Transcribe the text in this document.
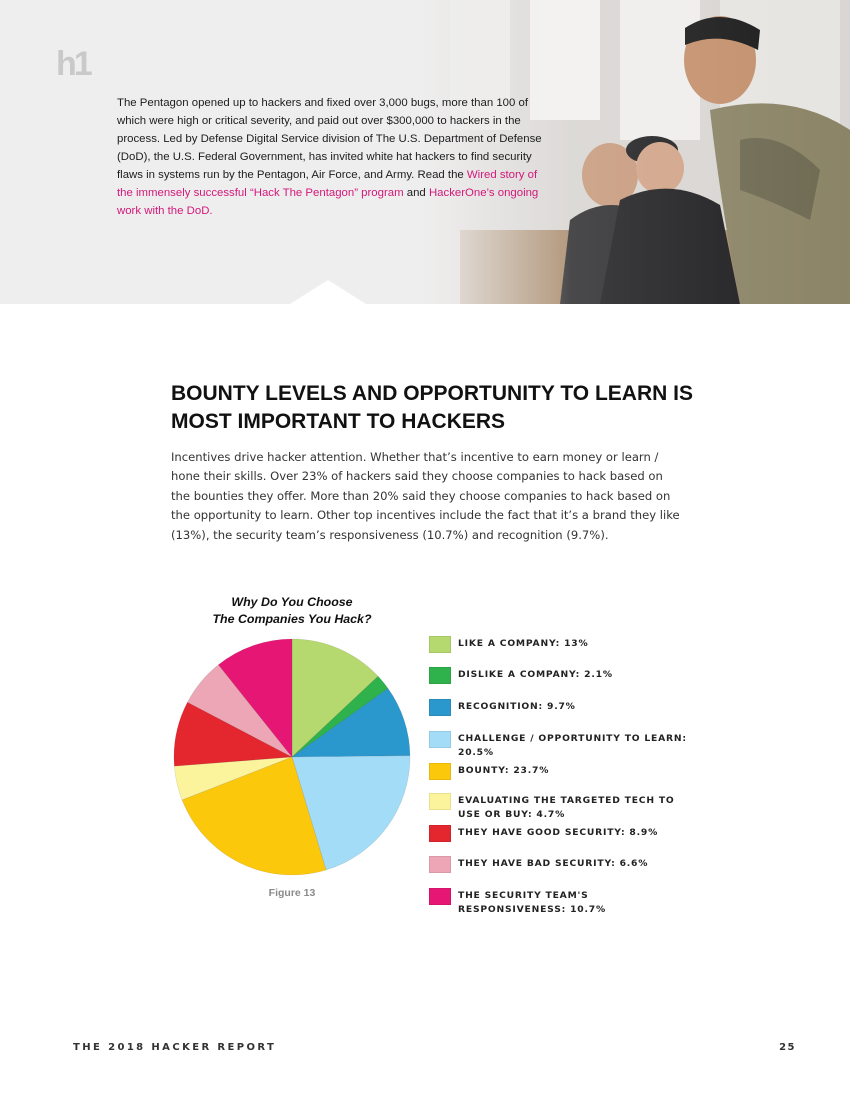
h1

The Pentagon opened up to hackers and fixed over 3,000 bugs, more than 100 of which were high or critical severity, and paid out over $300,000 to hackers in the process. Led by Defense Digital Service division of The U.S. Department of Defense (DoD), the U.S. Federal Government, has invited white hat hackers to find security flaws in systems run by the Pentagon, Air Force, and Army. Read the Wired story of the immensely successful “Hack The Pentagon” program and HackerOne’s ongoing work with the DoD.

BOUNTY LEVELS AND OPPORTUNITY TO LEARN IS MOST IMPORTANT TO HACKERS

Incentives drive hacker attention. Whether that’s incentive to earn money or learn / hone their skills. Over 23% of hackers said they choose companies to hack based on the bounties they offer. More than 20% said they choose companies to hack based on the opportunity to learn. Other top incentives include the fact that it’s a brand they like (13%), the security team’s responsiveness (10.7%) and recognition (9.7%).

Why Do You Choose
The Companies You Hack?
Figure 13
LIKE A COMPANY: 13%
DISLIKE A COMPANY: 2.1%
RECOGNITION: 9.7%
CHALLENGE / OPPORTUNITY TO LEARN: 20.5%
BOUNTY: 23.7%
EVALUATING THE TARGETED TECH TO USE OR BUY: 4.7%
THEY HAVE GOOD SECURITY: 8.9%
THEY HAVE BAD SECURITY: 6.6%
THE SECURITY TEAM'S RESPONSIVENESS: 10.7%
THE 2018 HACKER REPORT	25
